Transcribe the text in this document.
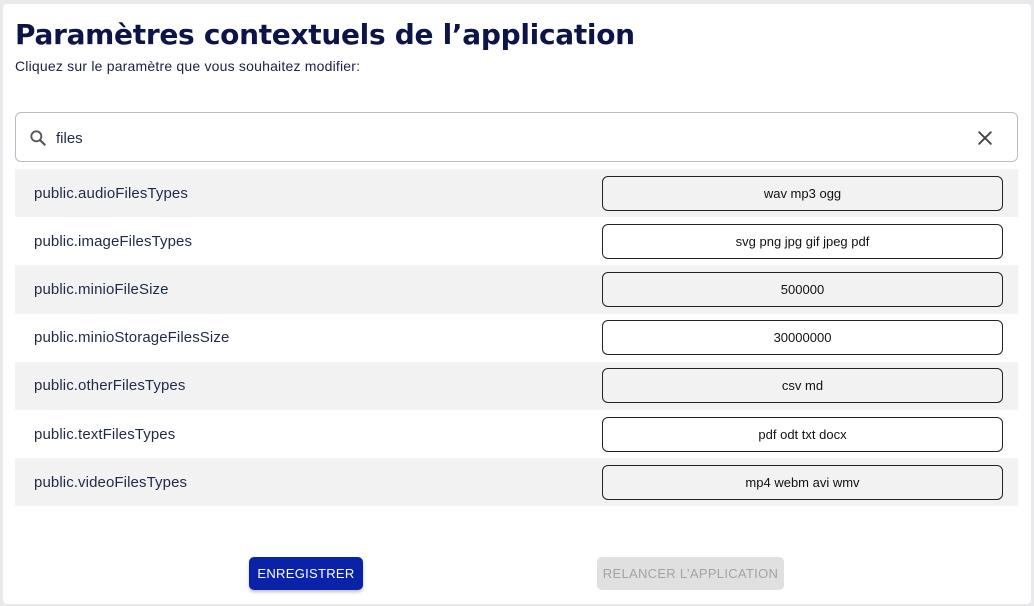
Paramètres contextuels de l’application

Cliquez sur le paramètre que vous souhaitez modifier:

files
public.audioFilesTypes	wav mp3 ogg
public.imageFilesTypes	svg png jpg gif jpeg pdf
public.minioFileSize	500000
public.minioStorageFilesSize	30000000
public.otherFilesTypes	csv md
public.textFilesTypes	pdf odt txt docx
public.videoFilesTypes	mp4 webm avi wmv
ENREGISTRER	RELANCER L’APPLICATION
